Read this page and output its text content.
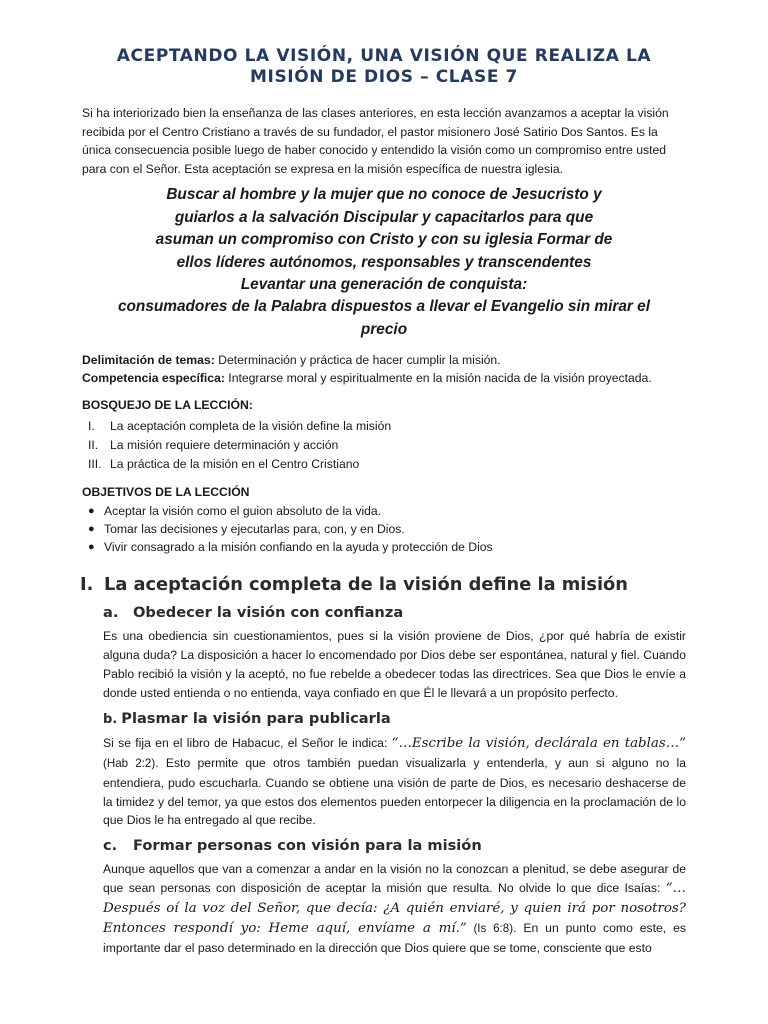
ACEPTANDO LA VISIÓN, UNA VISIÓN QUE REALIZA LA
MISIÓN DE DIOS – CLASE 7

Si ha interiorizado bien la enseñanza de las clases anteriores, en esta lección avanzamos a aceptar la visión recibida por el Centro Cristiano a través de su fundador, el pastor misionero José Satirio Dos Santos. Es la única consecuencia posible luego de haber conocido y entendido la visión como un compromiso entre usted para con el Señor. Esta aceptación se expresa en la misión específica de nuestra iglesia.

Buscar al hombre y la mujer que no conoce de Jesucristo y
guiarlos a la salvación Discipular y capacitarlos para que
asuman un compromiso con Cristo y con su iglesia Formar de
ellos líderes autónomos, responsables y transcendentes
Levantar una generación de conquista:
consumadores de la Palabra dispuestos a llevar el Evangelio sin mirar el
precio
Delimitación de temas: Determinación y práctica de hacer cumplir la misión.
Competencia específica: Integrarse moral y espiritualmente en la misión nacida de la visión proyectada.
BOSQUEJO DE LA LECCIÓN:
I.	La aceptación completa de la visión define la misión
II. La misión requiere determinación y acción
III. La práctica de la misión en el Centro Cristiano
OBJETIVOS DE LA LECCIÓN
● Aceptar la visión como el guion absoluto de la vida.
● Tomar las decisiones y ejecutarlas para, con, y en Dios.
● Vivir consagrado a la misión confiando en la ayuda y protección de Dios
I. La aceptación completa de la visión define la misión
a. Obedecer la visión con confianza

Es una obediencia sin cuestionamientos, pues si la visión proviene de Dios, ¿por qué habría de existir alguna duda? La disposición a hacer lo encomendado por Dios debe ser espontánea, natural y fiel. Cuando Pablo recibió la visión y la aceptó, no fue rebelde a obedecer todas las directrices. Sea que Dios le envíe a donde usted entienda o no entienda, vaya confiado en que Él le llevará a un propósito perfecto.

b. Plasmar la visión para publicarla

Si se fija en el libro de Habacuc, el Señor le indica: “…Escribe la visión, declárala en tablas…” (Hab 2:2). Esto permite que otros también puedan visualizarla y entenderla, y aun si alguno no la entendiera, pudo escucharla. Cuando se obtiene una visión de parte de Dios, es necesario deshacerse de la timidez y del temor, ya que estos dos elementos pueden entorpecer la diligencia en la proclamación de lo que Dios le ha entregado al que recibe.

c. Formar personas con visión para la misión

Aunque aquellos que van a comenzar a andar en la visión no la conozcan a plenitud, se debe asegurar de que sean personas con disposición de aceptar la misión que resulta. No olvide lo que dice Isaías: “…Después oí la voz del Señor, que decía: ¿A quién enviaré, y quien irá por nosotros? Entonces respondí yo: Heme aquí, envíame a mí.” (Is 6:8). En un punto como este, es importante dar el paso determinado en la dirección que Dios quiere que se tome, consciente que esto
